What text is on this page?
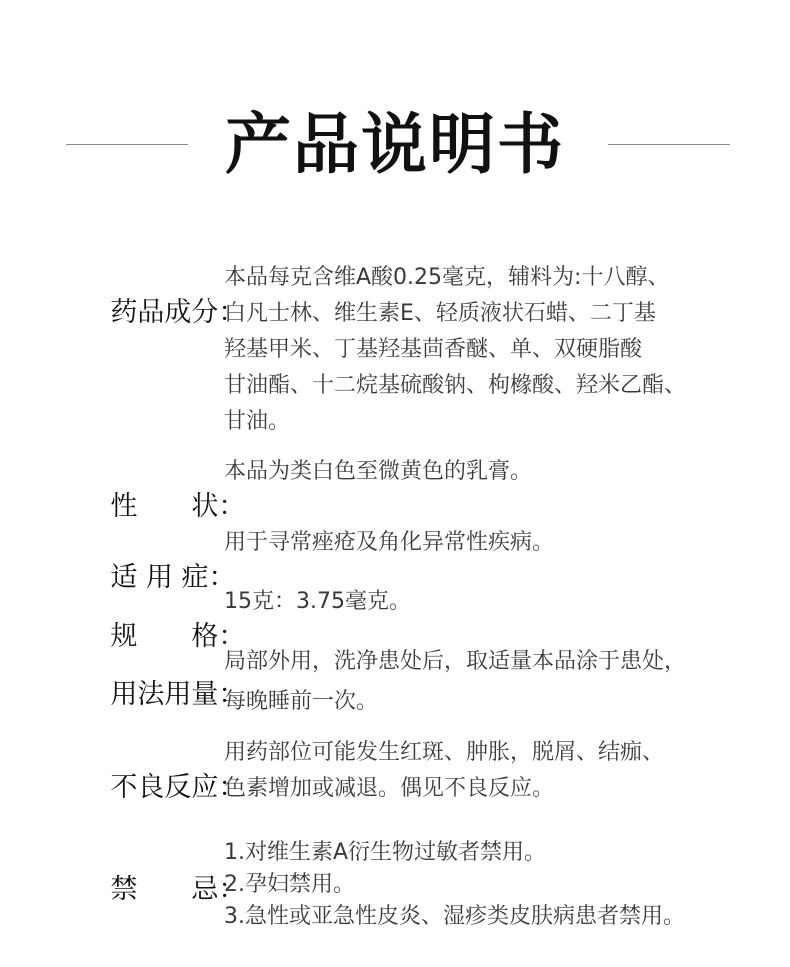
产品说明书

药品成分：

本品每克含维A酸0.25毫克，辅料为:十八醇、
白凡士林、维生素E、轻质液状石蜡、二丁基
羟基甲米、丁基羟基茴香醚、单、双硬脂酸
甘油酯、十二烷基硫酸钠、枸橼酸、羟米乙酯、
甘油。

性　　状：

本品为类白色至微黄色的乳膏。

适 用 症：

用于寻常痤疮及角化异常性疾病。

规　　格：

15克：3.75毫克。

用法用量：

局部外用，洗净患处后，取适量本品涂于患处，
每晚睡前一次。

不良反应：

用药部位可能发生红斑、肿胀，脱屑、结痂、
色素增加或减退。偶见不良反应。

禁　　忌：

1.对维生素A衍生物过敏者禁用。
2.孕妇禁用。
3.急性或亚急性皮炎、湿疹类皮肤病患者禁用。
